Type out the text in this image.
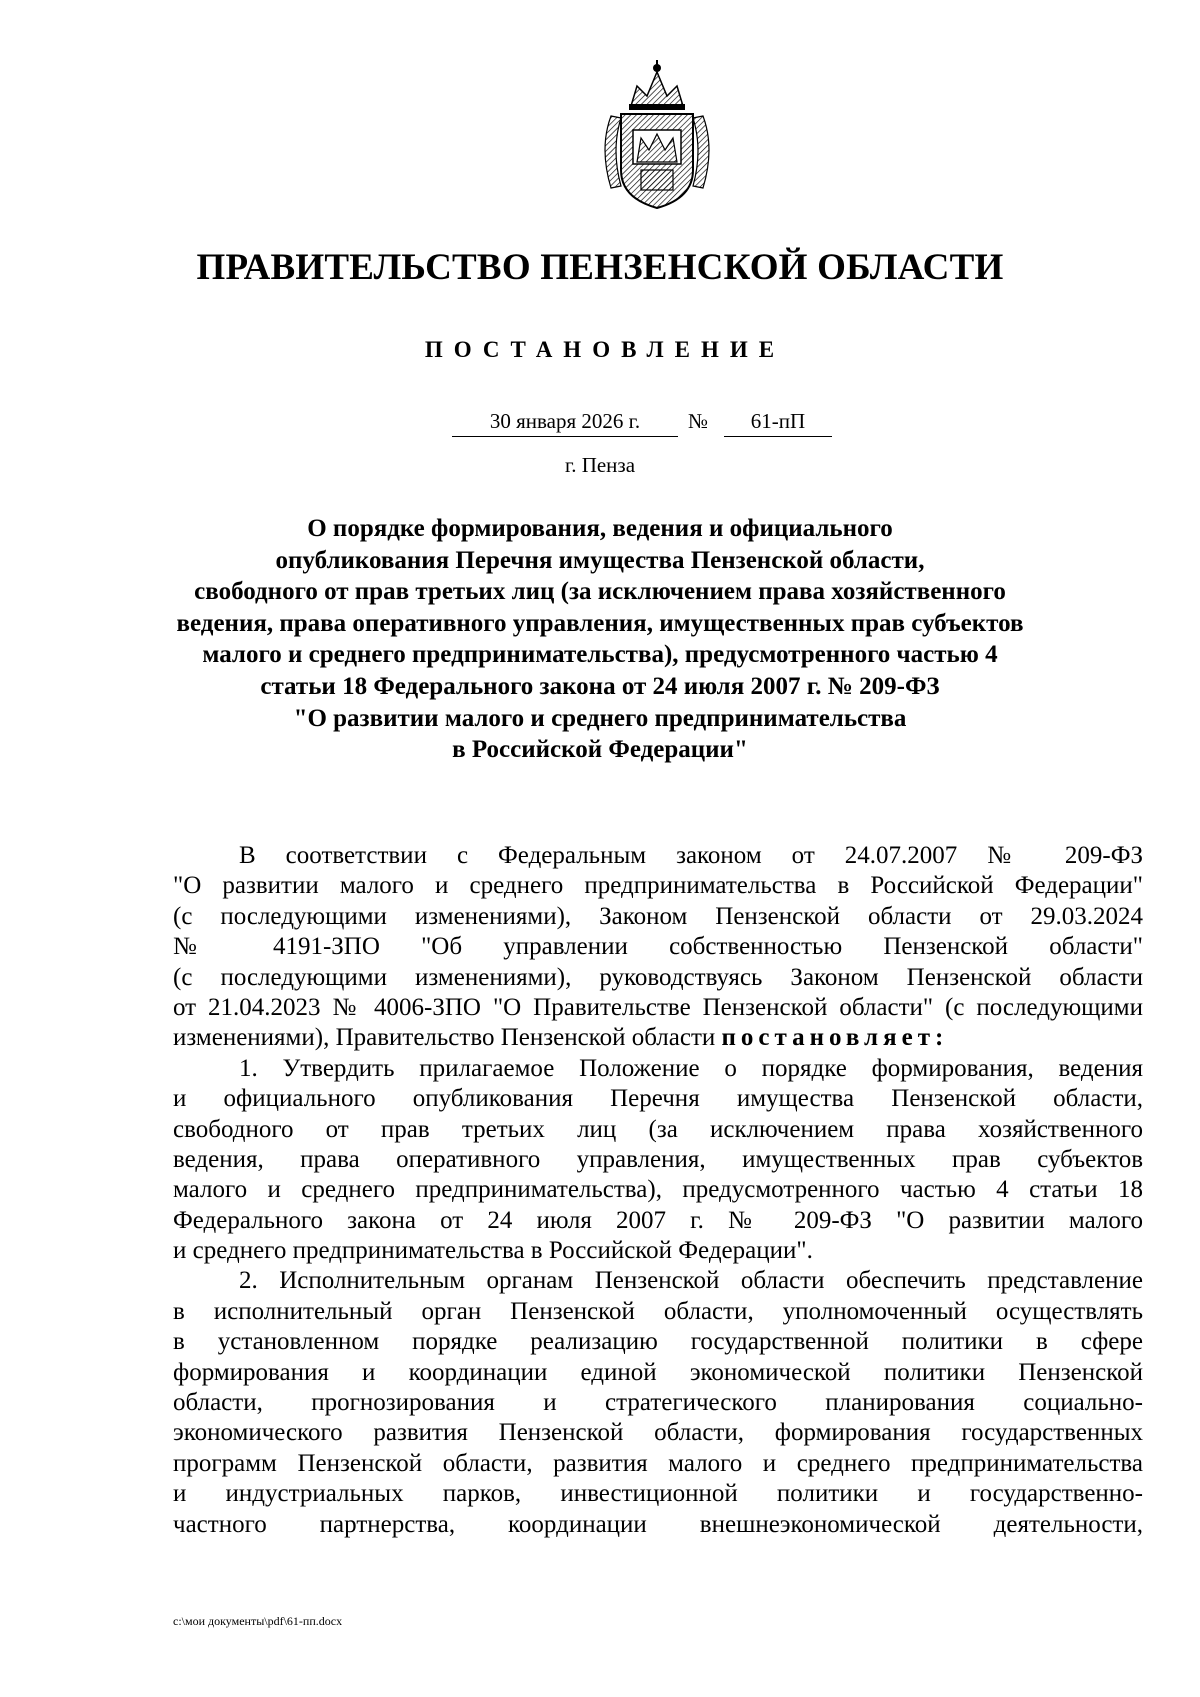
ПРАВИТЕЛЬСТВО ПЕНЗЕНСКОЙ ОБЛАСТИ
ПОСТАНОВЛЕНИЕ
30 января 2026 г.	№	61-пП
г. Пенза
О порядке формирования, ведения и официального
опубликования Перечня имущества Пензенской области,
свободного от прав третьих лиц (за исключением права хозяйственного
ведения, права оперативного управления, имущественных прав субъектов
малого и среднего предпринимательства), предусмотренного частью 4
статьи 18 Федерального закона от 24 июля 2007 г. № 209-ФЗ
"О развитии малого и среднего предпринимательства
в Российской Федерации"
В соответствии с Федеральным законом от 24.07.2007 № 209-ФЗ
"О развитии малого и среднего предпринимательства в Российской Федерации"
(с последующими изменениями), Законом Пензенской области от 29.03.2024
№ 4191-ЗПО "Об управлении собственностью Пензенской области"
(с последующими изменениями), руководствуясь Законом Пензенской области
от 21.04.2023 № 4006-ЗПО "О Правительстве Пензенской области" (с последующими
изменениями), Правительство Пензенской области постановляет:
1. Утвердить прилагаемое Положение о порядке формирования, ведения
и официального опубликования Перечня имущества Пензенской области,
свободного от прав третьих лиц (за исключением права хозяйственного
ведения, права оперативного управления, имущественных прав субъектов
малого и среднего предпринимательства), предусмотренного частью 4 статьи 18
Федерального закона от 24 июля 2007 г. № 209-ФЗ "О развитии малого
и среднего предпринимательства в Российской Федерации".
2. Исполнительным органам Пензенской области обеспечить представление
в исполнительный орган Пензенской области, уполномоченный осуществлять
в установленном порядке реализацию государственной политики в сфере
формирования и координации единой экономической политики Пензенской
области, прогнозирования и стратегического планирования социально-
экономического развития Пензенской области, формирования государственных
программ Пензенской области, развития малого и среднего предпринимательства
и индустриальных парков, инвестиционной политики и государственно-
частного партнерства, координации внешнеэкономической деятельности,
c:\мои документы\pdf\61-пп.docx
